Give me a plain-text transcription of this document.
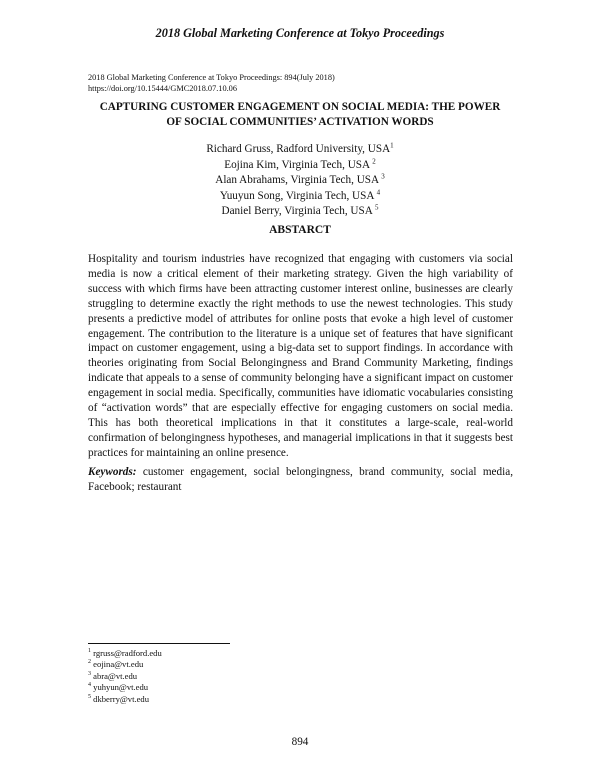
2018 Global Marketing Conference at Tokyo Proceedings
2018 Global Marketing Conference at Tokyo Proceedings: 894(July 2018)
https://doi.org/10.15444/GMC2018.07.10.06
CAPTURING CUSTOMER ENGAGEMENT ON SOCIAL MEDIA: THE POWER
OF SOCIAL COMMUNITIES’ ACTIVATION WORDS
Richard Gruss, Radford University, USA$^1$
Eojina Kim, Virginia Tech, USA $^2$
Alan Abrahams, Virginia Tech, USA $^3$
Yuuyun Song, Virginia Tech, USA $^4$
Daniel Berry, Virginia Tech, USA $^5$
ABSTARCT

Hospitality and tourism industries have recognized that engaging with customers via social media is now a critical element of their marketing strategy. Given the high variability of success with which firms have been attracting customer interest online, businesses are clearly struggling to determine exactly the right methods to use the newest technologies. This study presents a predictive model of attributes for online posts that evoke a high level of customer engagement. The contribution to the literature is a unique set of features that have significant impact on customer engagement, using a big-data set to support findings. In accordance with theories originating from Social Belongingness and Brand Community Marketing, findings indicate that appeals to a sense of community belonging have a significant impact on customer engagement in social media. Specifically, communities have idiomatic vocabularies consisting of “activation words” that are especially effective for engaging customers on social media. This has both theoretical implications in that it constitutes a large-scale, real-world confirmation of belongingness hypotheses, and managerial implications in that it suggests best practices for maintaining an online presence.

Keywords: customer engagement, social belongingness, brand community, social media, Facebook; restaurant

$^1$ rgruss@radford.edu
$^2$ eojina@vt.edu
$^3$ abra@vt.edu
$^4$ yuhyun@vt.edu
$^5$ dkberry@vt.edu
894
